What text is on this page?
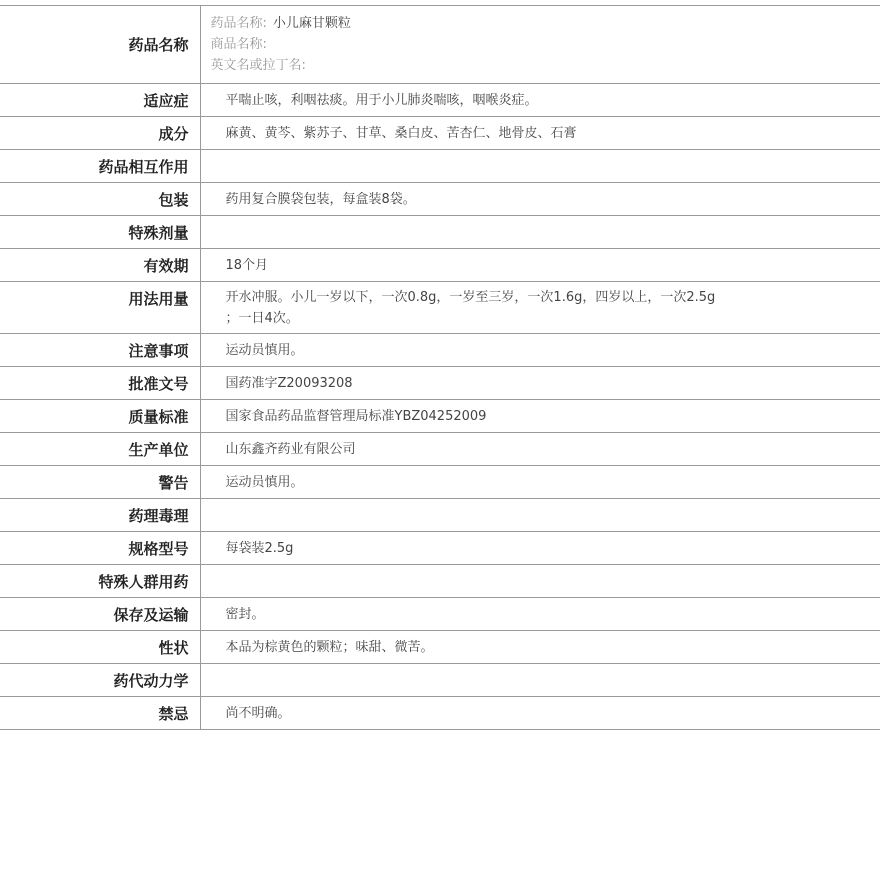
药品名称	药品名称: 小儿麻甘颗粒
商品名称:
英文名或拉丁名:

适应症	平喘止咳，利咽祛痰。用于小儿肺炎喘咳，咽喉炎症。
成分	麻黄、黄芩、紫苏子、甘草、桑白皮、苦杏仁、地骨皮、石膏
药品相互作用	
包装	药用复合膜袋包装，每盒装8袋。
特殊剂量	
有效期	18个月
用法用量	开水冲服。小儿一岁以下，一次0.8g，一岁至三岁，一次1.6g，四岁以上，一次2.5g
；一日4次。

注意事项	运动员慎用。
批准文号	国药准字Z20093208
质量标准	国家食品药品监督管理局标准YBZ04252009
生产单位	山东鑫齐药业有限公司
警告	运动员慎用。
药理毒理	
规格型号	每袋装2.5g
特殊人群用药	
保存及运输	密封。
性状	本品为棕黄色的颗粒；味甜、微苦。
药代动力学	
禁忌	尚不明确。
